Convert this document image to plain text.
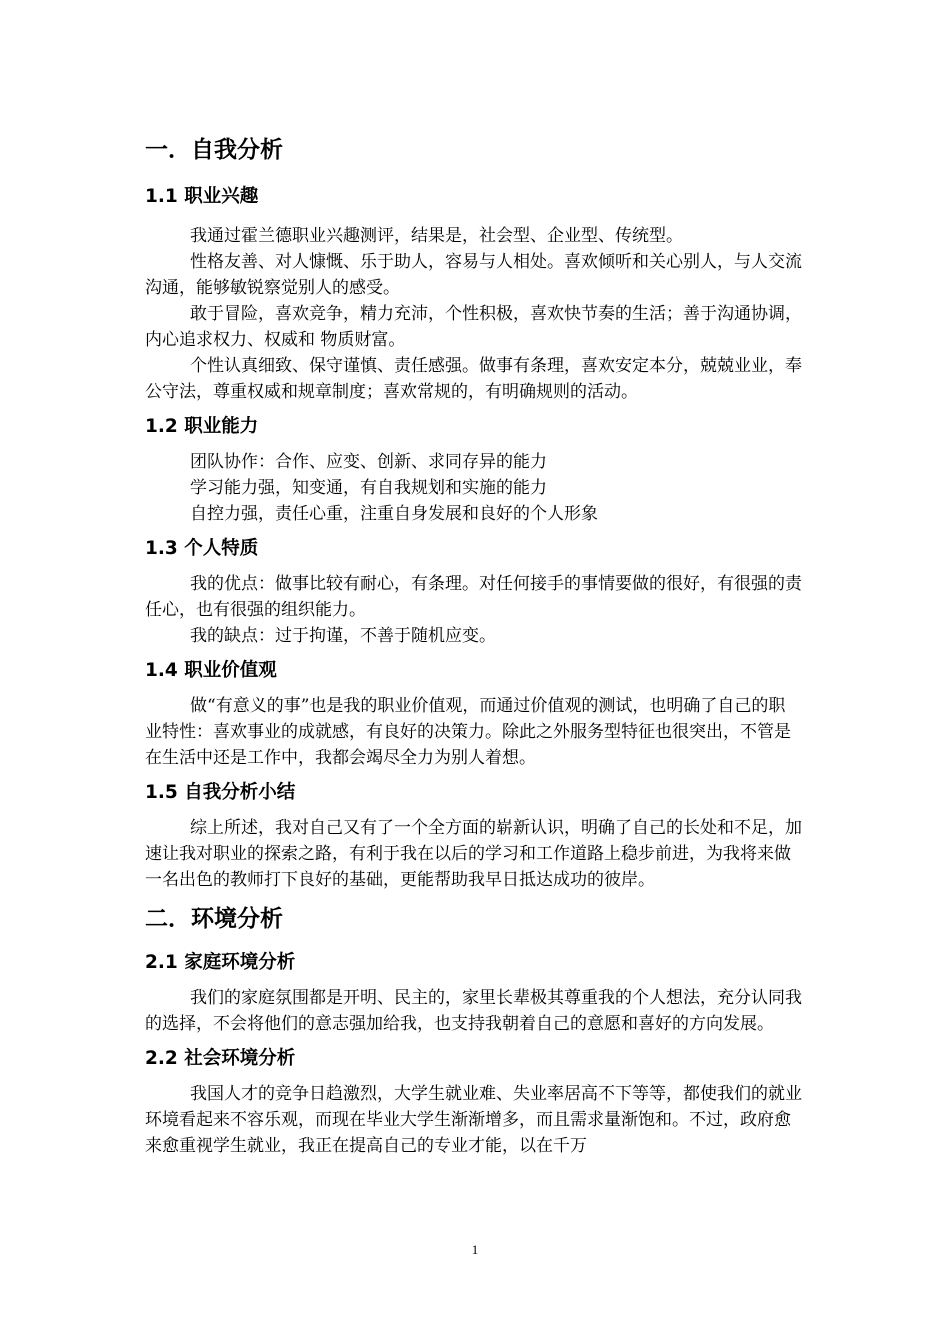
一．自我分析
1.1 职业兴趣

我通过霍兰德职业兴趣测评，结果是，社会型、企业型、传统型。

性格友善、对人慷慨、乐于助人，容易与人相处。喜欢倾听和关心别人，与人交流沟通，能够敏锐察觉别人的感受。

敢于冒险，喜欢竞争，精力充沛，个性积极，喜欢快节奏的生活；善于沟通协调，内心追求权力、权威和 物质财富。

个性认真细致、保守谨慎、责任感强。做事有条理，喜欢安定本分，兢兢业业，奉公守法，尊重权威和规章制度；喜欢常规的，有明确规则的活动。

1.2 职业能力

团队协作：合作、应变、创新、求同存异的能力

学习能力强，知变通，有自我规划和实施的能力

自控力强，责任心重，注重自身发展和良好的个人形象

1.3 个人特质

我的优点：做事比较有耐心，有条理。对任何接手的事情要做的很好，有很强的责任心，也有很强的组织能力。

我的缺点：过于拘谨，不善于随机应变。

1.4 职业价值观

做“有意义的事”也是我的职业价值观，而通过价值观的测试，也明确了自己的职业特性：喜欢事业的成就感，有良好的决策力。除此之外服务型特征也很突出，不管是在生活中还是工作中，我都会竭尽全力为别人着想。

1.5 自我分析小结

综上所述，我对自己又有了一个全方面的崭新认识，明确了自己的长处和不足，加速让我对职业的探索之路，有利于我在以后的学习和工作道路上稳步前进，为我将来做一名出色的教师打下良好的基础，更能帮助我早日抵达成功的彼岸。

二．环境分析
2.1 家庭环境分析

我们的家庭氛围都是开明、民主的，家里长辈极其尊重我的个人想法，充分认同我的选择，不会将他们的意志强加给我，也支持我朝着自己的意愿和喜好的方向发展。

2.2 社会环境分析

我国人才的竞争日趋激烈，大学生就业难、失业率居高不下等等，都使我们的就业环境看起来不容乐观，而现在毕业大学生渐渐增多，而且需求量渐饱和。不过，政府愈来愈重视学生就业，我正在提高自己的专业才能，以在千万

1
